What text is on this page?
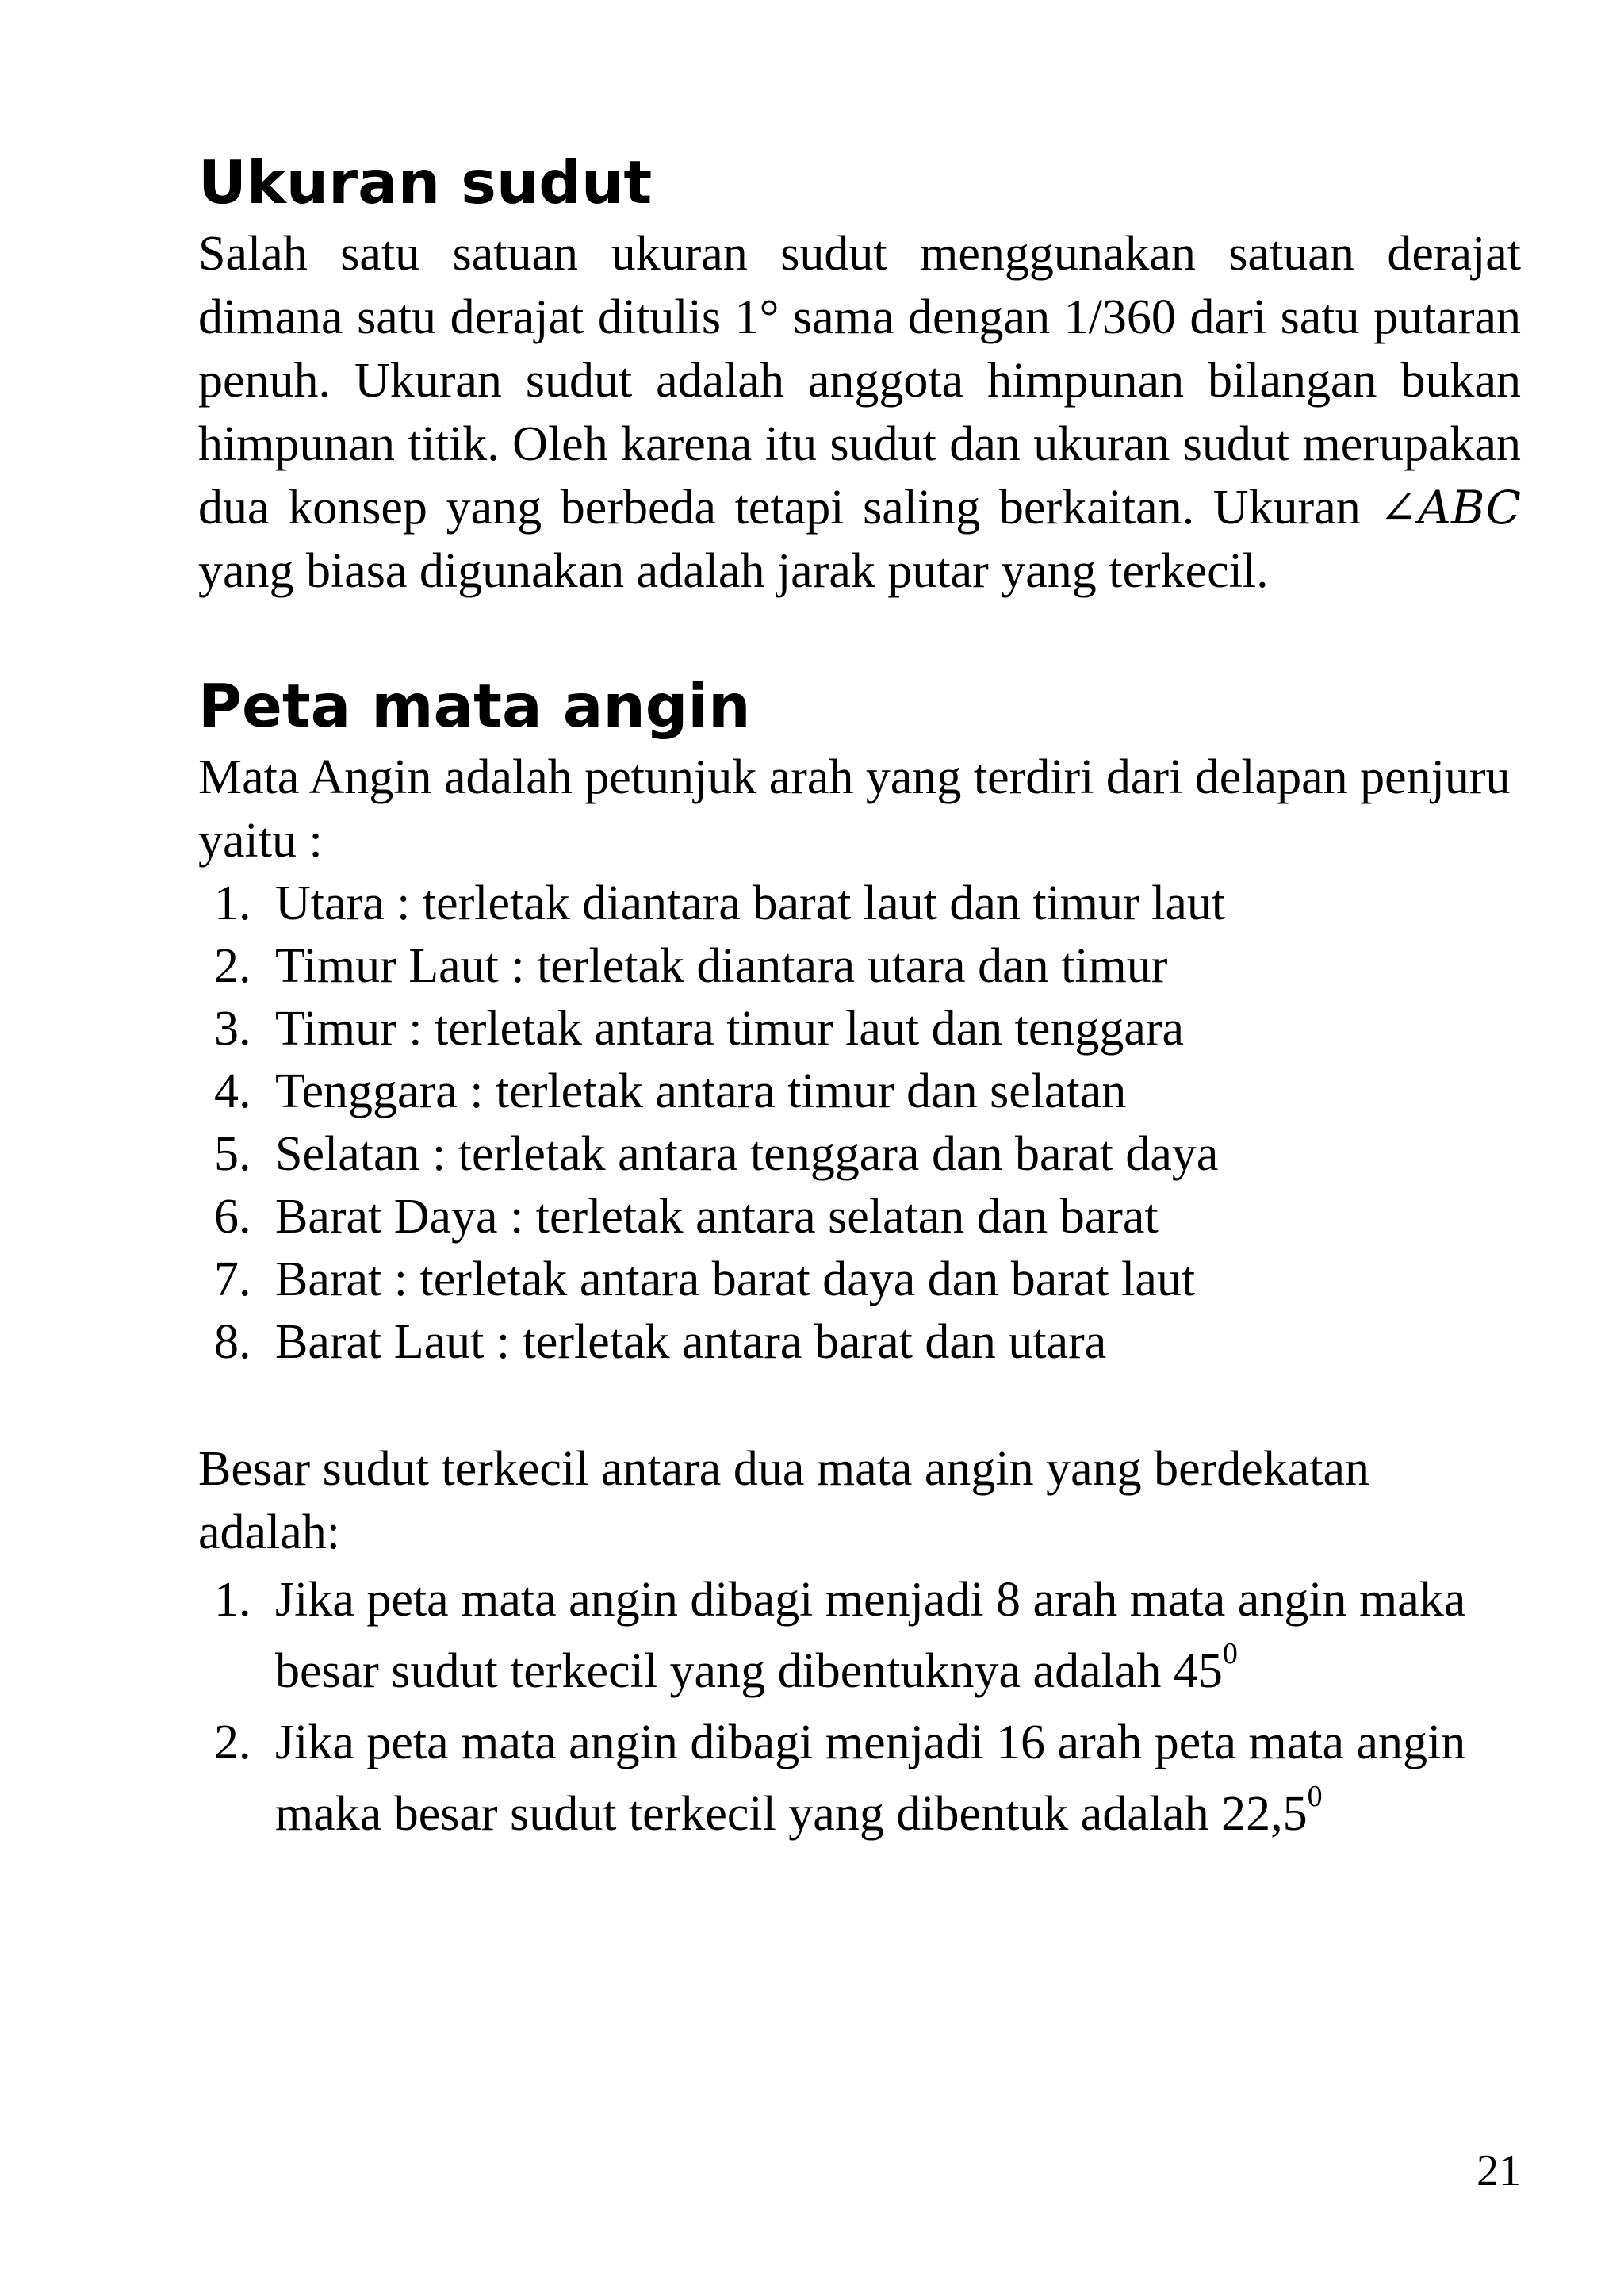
Ukuran sudut

Salah satu satuan ukuran sudut menggunakan satuan derajat dimana satu derajat ditulis 1° sama dengan 1/360 dari satu putaran penuh. Ukuran sudut adalah anggota himpunan bilangan bukan himpunan titik. Oleh karena itu sudut dan ukuran sudut merupakan dua konsep yang berbeda tetapi saling berkaitan. Ukuran ∠ABC yang biasa digunakan adalah jarak putar yang terkecil.

Peta mata angin

Mata Angin adalah petunjuk arah yang terdiri dari delapan penjuru yaitu :

1. Utara : terletak diantara barat laut dan timur laut
2. Timur Laut : terletak diantara utara dan timur
3. Timur : terletak antara timur laut dan tenggara
4. Tenggara : terletak antara timur dan selatan
5. Selatan : terletak antara tenggara dan barat daya
6. Barat Daya : terletak antara selatan dan barat
7. Barat : terletak antara barat daya dan barat laut
8. Barat Laut : terletak antara barat dan utara

Besar sudut terkecil antara dua mata angin yang berdekatan adalah:

1. Jika peta mata angin dibagi menjadi 8 arah mata angin maka besar sudut terkecil yang dibentuknya adalah $45^0$
2. Jika peta mata angin dibagi menjadi 16 arah peta mata angin maka besar sudut terkecil yang dibentuk adalah 22,5$^0$
21
